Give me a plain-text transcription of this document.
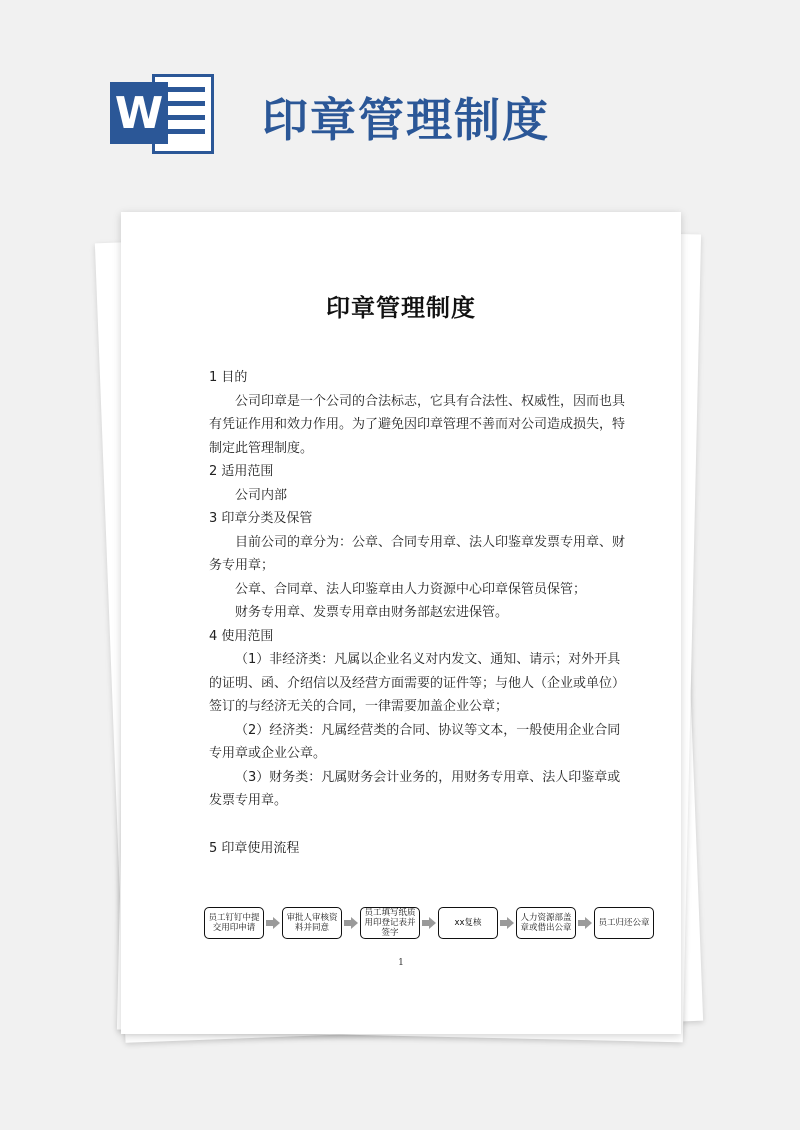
W 印章管理制度
印章管理制度

1 目的

公司印章是一个公司的合法标志，它具有合法性、权威性，因而也具有凭证作用和效力作用。为了避免因印章管理不善而对公司造成损失，特制定此管理制度。

2 适用范围

公司内部

3 印章分类及保管

目前公司的章分为：公章、合同专用章、法人印鉴章发票专用章、财务专用章；

公章、合同章、法人印鉴章由人力资源中心印章保管员保管；

财务专用章、发票专用章由财务部赵宏进保管。

4 使用范围

（1）非经济类：凡属以企业名义对内发文、通知、请示；对外开具的证明、函、介绍信以及经营方面需要的证件等；与他人（企业或单位）签订的与经济无关的合同，一律需要加盖企业公章；

（2）经济类：凡属经营类的合同、协议等文本，一般使用企业合同专用章或企业公章。

（3）财务类：凡属财务会计业务的，用财务专用章、法人印鉴章或发票专用章。

5 印章使用流程

员工钉钉中提交用印申请
审批人审核资料并同意
员工填写纸质用印登记表并签字
xx复核	人力资源部盖章或借出公章	员工归还公章
1
